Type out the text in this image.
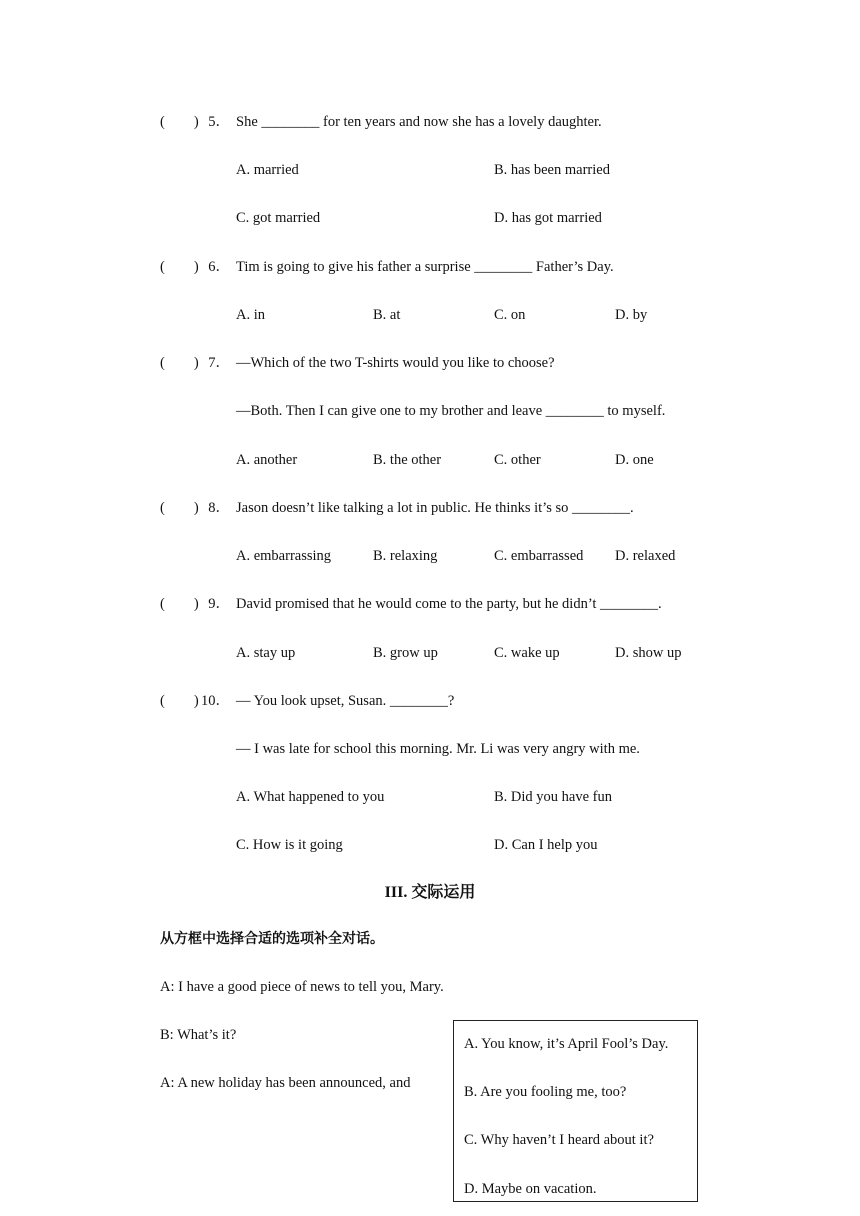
(　　) 5． She ________ for ten years and now she has a lovely daughter.
A. married	B. has been married
C. got married	D. has got married
(　　) 6． Tim is going to give his father a surprise ________ Father’s Day.
A. in	B. at	C. on	D. by
(　　) 7． —Which of the two T-shirts would you like to choose?
—Both. Then I can give one to my brother and leave ________ to myself.
A. another	B. the other	C. other	D. one
(　　) 8． Jason doesn’t like talking a lot in public. He thinks it’s so ________.
A. embarrassing	B. relaxing	C. embarrassed D. relaxed
(　　) 9． David promised that he would come to the party, but he didn’t ________.
A. stay up	B. grow up	C. wake up	D. show up
(　　) 10． — You look upset, Susan. ________?
— I was late for school this morning. Mr. Li was very angry with me.
A. What happened to you	B. Did you have fun
C. How is it going	D. Can I help you
III. 交际运用
从方框中选择合适的选项补全对话。
A: I have a good piece of news to tell you, Mary.
B: What’s it?
A: A new holiday has been announced, and
A. You know, it’s April Fool’s Day.
B. Are you fooling me, too?
C. Why haven’t I heard about it?
D. Maybe on vacation.
